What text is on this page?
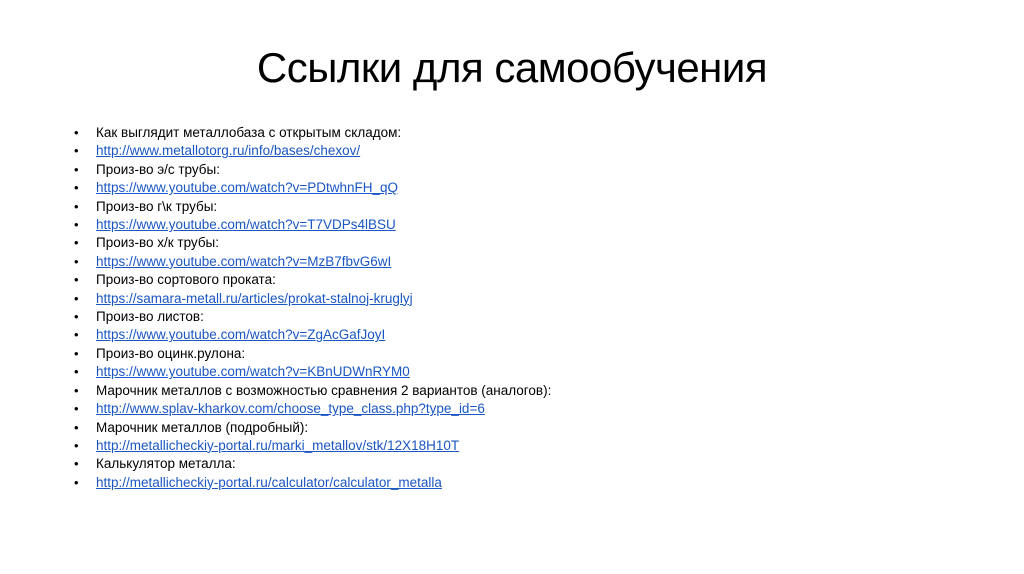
Ссылки для самообучения
• Как выглядит металлобаза с открытым складом:
• http://www.metallotorg.ru/info/bases/chexov/
• Произ-во э/с трубы:
• https://www.youtube.com/watch?v=PDtwhnFH_qQ
• Произ-во г\к трубы:
• https://www.youtube.com/watch?v=T7VDPs4lBSU
• Произ-во х/к трубы:
• https://www.youtube.com/watch?v=MzB7fbvG6wI
• Произ-во сортового проката:
• https://samara-metall.ru/articles/prokat-stalnoj-kruglyj
• Произ-во листов:
• https://www.youtube.com/watch?v=ZgAcGafJoyI
• Произ-во оцинк.рулона:
• https://www.youtube.com/watch?v=KBnUDWnRYM0
• Марочник металлов с возможностью сравнения 2 вариантов (аналогов):
• http://www.splav-kharkov.com/choose_type_class.php?type_id=6
• Марочник металлов (подробный):
• http://metallicheckiy-portal.ru/marki_metallov/stk/12X18H10T
• Калькулятор металла:
• http://metallicheckiy-portal.ru/calculator/calculator_metalla
